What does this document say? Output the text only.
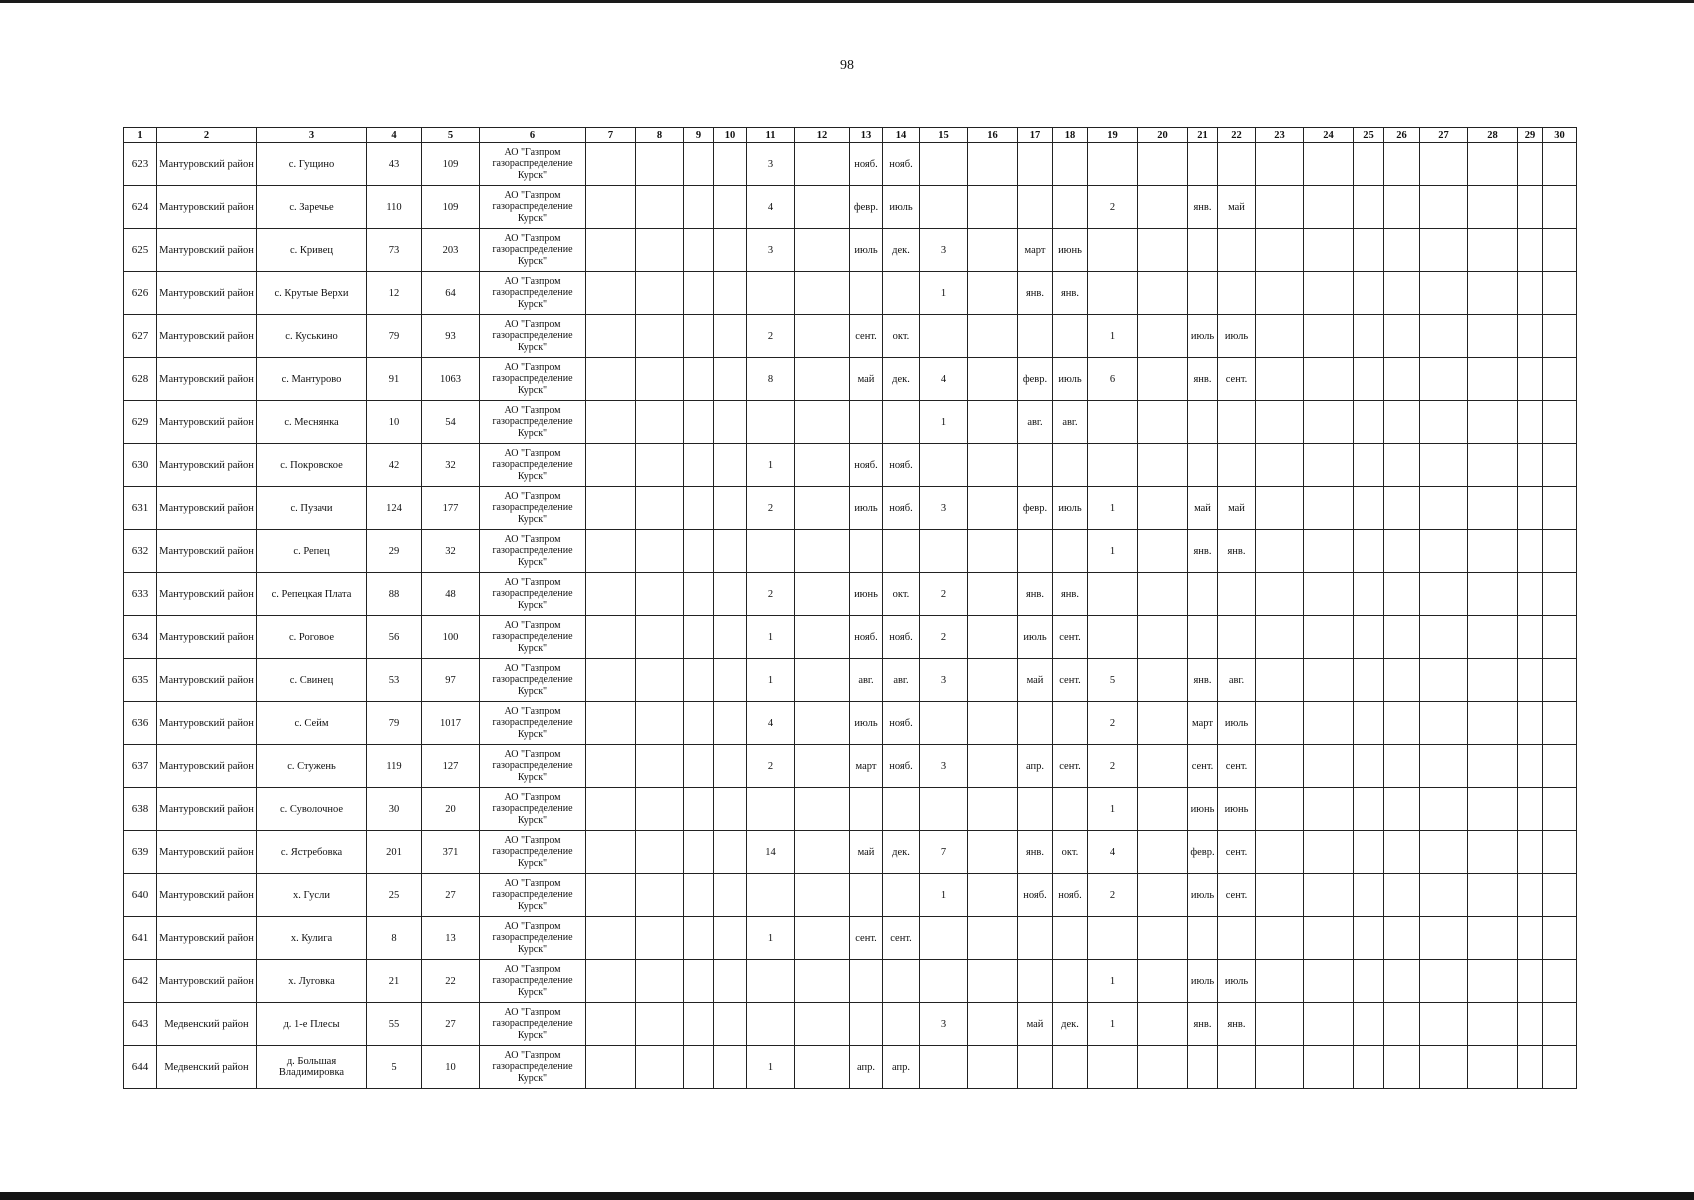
98
1	2	3	4	5	6	7	8	9	10	11	12	13	14	15	16	17	18	19	20	21	22	23	24	25	26	27	28	29	30
623	Мантуровский район	с. Гущино	43	109	АО "Газпром газораспределение Курск"					3		нояб.	нояб.																
624	Мантуровский район	с. Заречье	110	109	АО "Газпром газораспределение Курск"					4		февр.	июль					2		янв.	май								
625	Мантуровский район	с. Кривец	73	203	АО "Газпром газораспределение Курск"					3		июль	дек.	3		март	июнь												
626	Мантуровский район	с. Крутые Верхи	12	64	АО "Газпром газораспределение Курск"									1		янв.	янв.												
627	Мантуровский район	с. Куськино	79	93	АО "Газпром газораспределение Курск"					2		сент.	окт.					1		июль	июль								
628	Мантуровский район	с. Мантурово	91	1063	АО "Газпром газораспределение Курск"					8		май	дек.	4		февр.	июль	6		янв.	сент.								
629	Мантуровский район	с. Меснянка	10	54	АО "Газпром газораспределение Курск"									1		авг.	авг.												
630	Мантуровский район	с. Покровское	42	32	АО "Газпром газораспределение Курск"					1		нояб.	нояб.																
631	Мантуровский район	с. Пузачи	124	177	АО "Газпром газораспределение Курск"					2		июль	нояб.	3		февр.	июль	1		май	май								
632	Мантуровский район	с. Репец	29	32	АО "Газпром газораспределение Курск"													1		янв.	янв.								
633	Мантуровский район	с. Репецкая Плата	88	48	АО "Газпром газораспределение Курск"					2		июнь	окт.	2		янв.	янв.												
634	Мантуровский район	с. Роговое	56	100	АО "Газпром газораспределение Курск"					1		нояб.	нояб.	2		июль	сент.												
635	Мантуровский район	с. Свинец	53	97	АО "Газпром газораспределение Курск"					1		авг.	авг.	3		май	сент.	5		янв.	авг.								
636	Мантуровский район	с. Сейм	79	1017	АО "Газпром газораспределение Курск"					4		июль	нояб.					2		март	июль								
637	Мантуровский район	с. Стужень	119	127	АО "Газпром газораспределение Курск"					2		март	нояб.	3		апр.	сент.	2		сент.	сент.								
638	Мантуровский район	с. Суволочное	30	20	АО "Газпром газораспределение Курск"													1		июнь	июнь								
639	Мантуровский район	с. Ястребовка	201	371	АО "Газпром газораспределение Курск"					14		май	дек.	7		янв.	окт.	4		февр.	сент.								
640	Мантуровский район	х. Гусли	25	27	АО "Газпром газораспределение Курск"									1		нояб.	нояб.	2		июль	сент.								
641	Мантуровский район	х. Кулига	8	13	АО "Газпром газораспределение Курск"					1		сент.	сент.																
642	Мантуровский район	х. Луговка	21	22	АО "Газпром газораспределение Курск"													1		июль	июль								
643	Медвенский район	д. 1-е Плесы	55	27	АО "Газпром газораспределение Курск"									3		май	дек.	1		янв.	янв.								
644	Медвенский район	д. Большая Владимировка	5	10	АО "Газпром газораспределение Курск"					1		апр.	апр.																
